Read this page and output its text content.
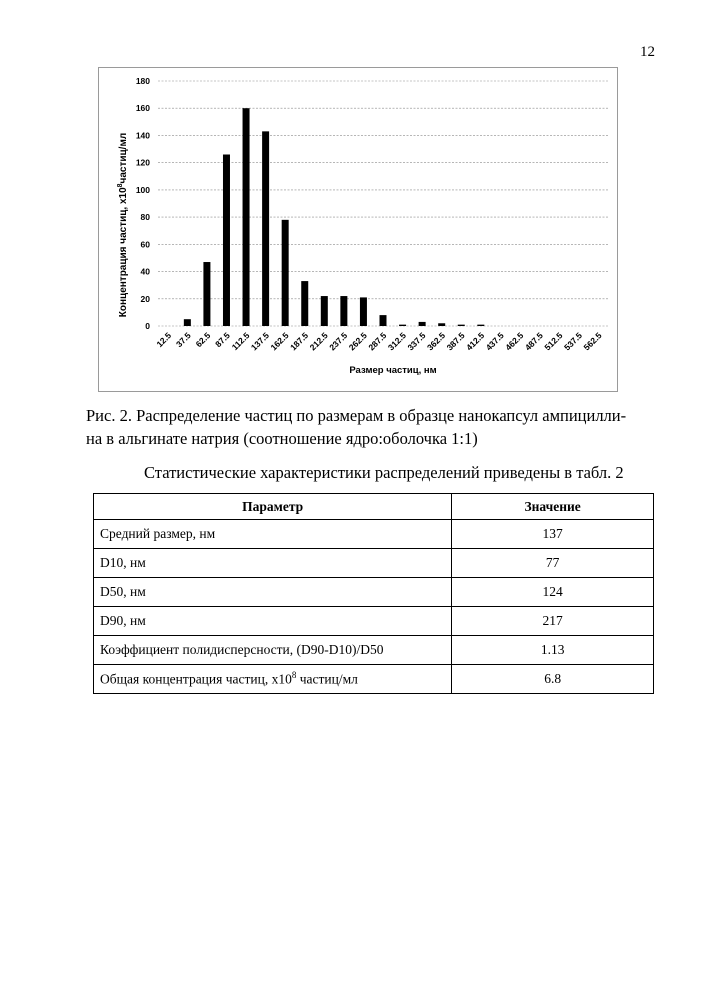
12
0
20
40
60
80
100
120
140
160
180
12.5 37.5 62.5 87.5
112.5
137.5
162.5
187.5
212.5
237.5
262.5
287.5
312.5
337.5
362.5
387.5
412.5
437.5
462.5
487.5
512.5
537.5
562.5
Концентрация частиц, x108частиц/мл
Размер частиц, нм
Рис. 2. Распределение частиц по размерам в образце нанокапсул ампицилли-
на в альгинате натрия (соотношение ядро:оболочка 1:1)
Статистические характеристики распределений приведены в табл. 2
Параметр	Значение
Средний размер, нм	137
D10, нм	77
D50, нм	124
D90, нм	217
Коэффициент полидисперсности, (D90-D10)/D50	1.13
Общая концентрация частиц, x108 частиц/мл	6.8
